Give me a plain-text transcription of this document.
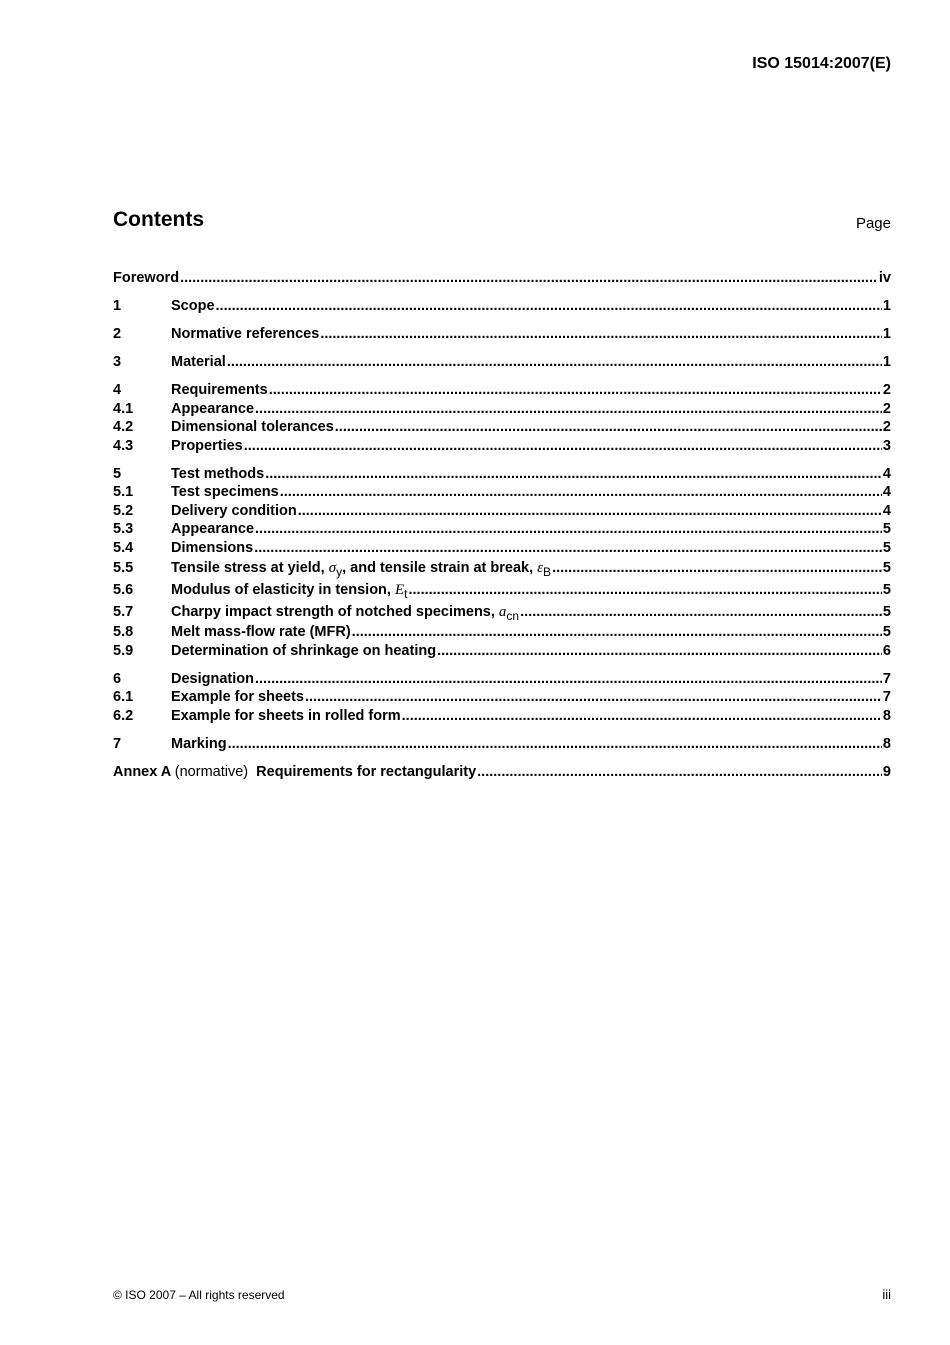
ISO 15014:2007(E)
Contents	Page
Foreword .....	iv
1	Scope .....	1
2	Normative references .....	1
3	Material .....	1
4	Requirements .....	2
4.1	Appearance .....	2
4.2	Dimensional tolerances .....	2
4.3	Properties .....	3
5	Test methods .....	4
5.1	Test specimens .....	4
5.2	Delivery condition .....	4
5.3	Appearance .....	5
5.4	Dimensions .....	5
5.5	Tensile stress at yield, $\sigma_y$, and tensile strain at break, $\varepsilon_B$ .....	5
5.6	Modulus of elasticity in tension, $E_t$ .....	5
5.7	Charpy impact strength of notched specimens, $a_{cn}$ .....	5
5.8	Melt mass-flow rate (MFR) .....	5
5.9	Determination of shrinkage on heating .....	6
6	Designation .....	7
6.1	Example for sheets .....	7
6.2	Example for sheets in rolled form .....	8
7	Marking .....	8
Annex A (normative) Requirements for rectangularity .....	9
© ISO 2007 – All rights reserved	iii
